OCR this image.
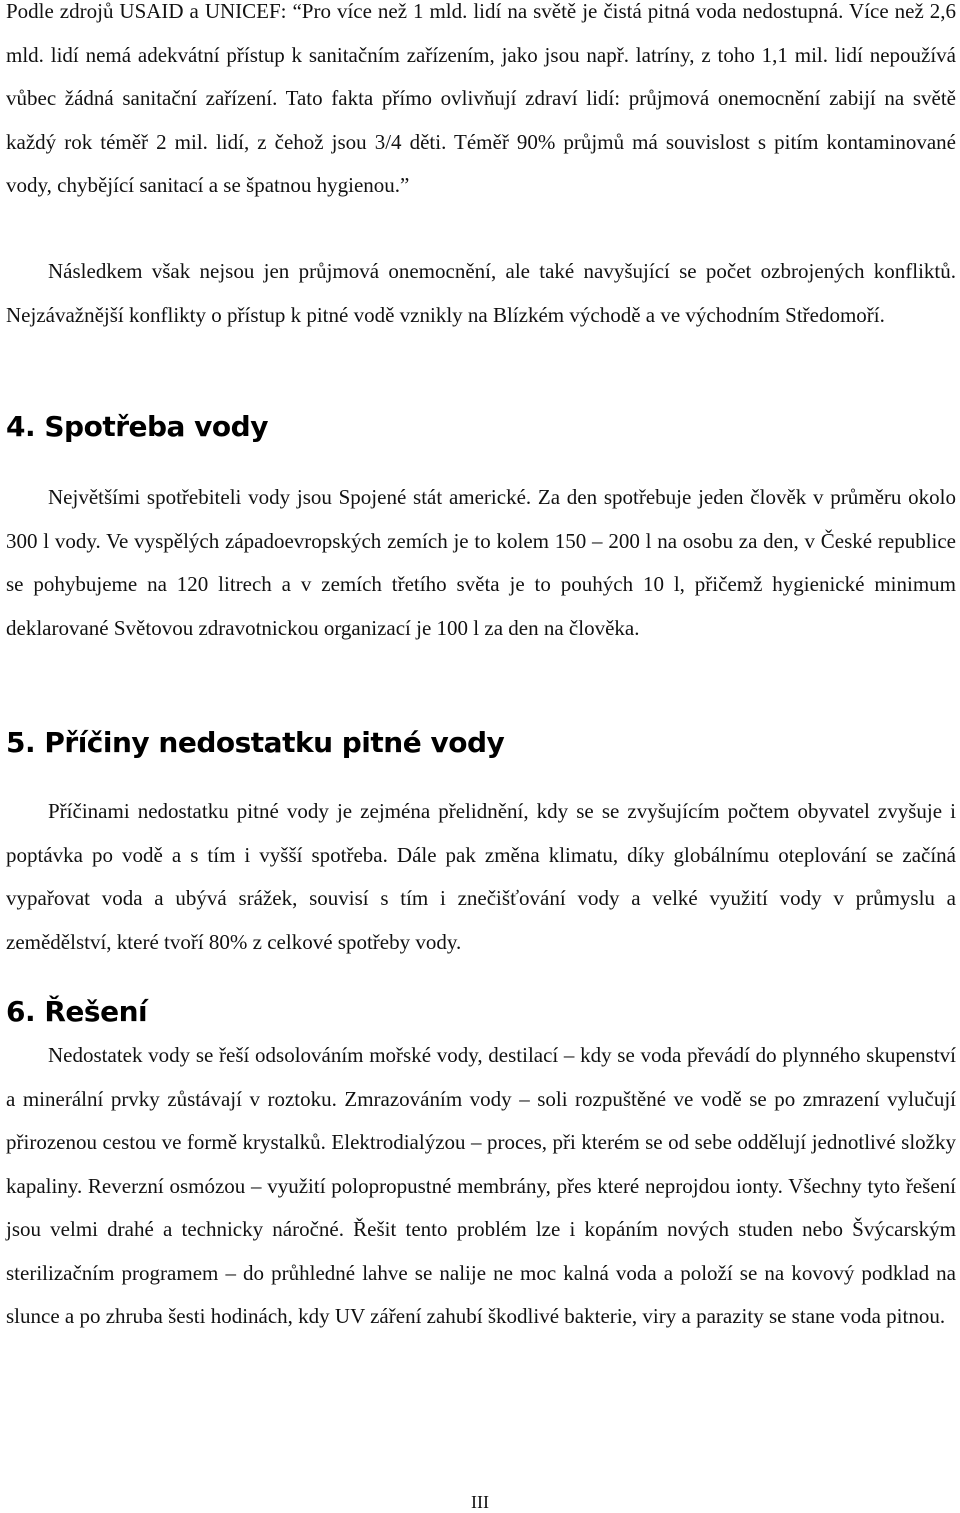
Podle zdrojů USAID a UNICEF: “Pro více než 1 mld. lidí na světě je čistá pitná voda nedostupná. Více než 2,6 mld. lidí nemá adekvátní přístup k sanitačním zařízením, jako jsou např. latríny, z toho 1,1 mil. lidí nepoužívá vůbec žádná sanitační zařízení. Tato fakta přímo ovlivňují zdraví lidí: průjmová onemocnění zabijí na světě každý rok téměř 2 mil. lidí, z čehož jsou 3/4 děti. Téměř 90% průjmů má souvislost s pitím kontaminované vody, chybějící sanitací a se špatnou hygienou.”

Následkem však nejsou jen průjmová onemocnění, ale také navyšující se počet ozbrojených konfliktů. Nejzávažnější konflikty o přístup k pitné vodě vznikly na Blízkém východě a ve východním Středomoří.

4. Spotřeba vody

Největšími spotřebiteli vody jsou Spojené stát americké. Za den spotřebuje jeden člověk v průměru okolo 300 l vody. Ve vyspělých západoevropských zemích je to kolem 150 – 200 l na osobu za den, v České republice se pohybujeme na 120 litrech a v zemích třetího světa je to pouhých 10 l, přičemž hygienické minimum deklarované Světovou zdravotnickou organizací je 100 l za den na člověka.

5. Příčiny nedostatku pitné vody

Příčinami nedostatku pitné vody je zejména přelidnění, kdy se se zvyšujícím počtem obyvatel zvyšuje i poptávka po vodě a s tím i vyšší spotřeba. Dále pak změna klimatu, díky globálnímu oteplování se začíná vypařovat voda a ubývá srážek, souvisí s tím i znečišťování vody a velké využití vody v průmyslu a zemědělství, které tvoří 80% z celkové spotřeby vody.

6. Řešení

Nedostatek vody se řeší odsolováním mořské vody, destilací – kdy se voda převádí do plynného skupenství a minerální prvky zůstávají v roztoku. Zmrazováním vody – soli rozpuštěné ve vodě se po zmrazení vylučují přirozenou cestou ve formě krystalků. Elektrodialýzou – proces, při kterém se od sebe oddělují jednotlivé složky kapaliny. Reverzní osmózou – využití polopropustné membrány, přes které neprojdou ionty. Všechny tyto řešení jsou velmi drahé a technicky náročné. Řešit tento problém lze i kopáním nových studen nebo Švýcarským sterilizačním programem – do průhledné lahve se nalije ne moc kalná voda a položí se na kovový podklad na slunce a po zhruba šesti hodinách, kdy UV záření zahubí škodlivé bakterie, viry a parazity se stane voda pitnou.

III
